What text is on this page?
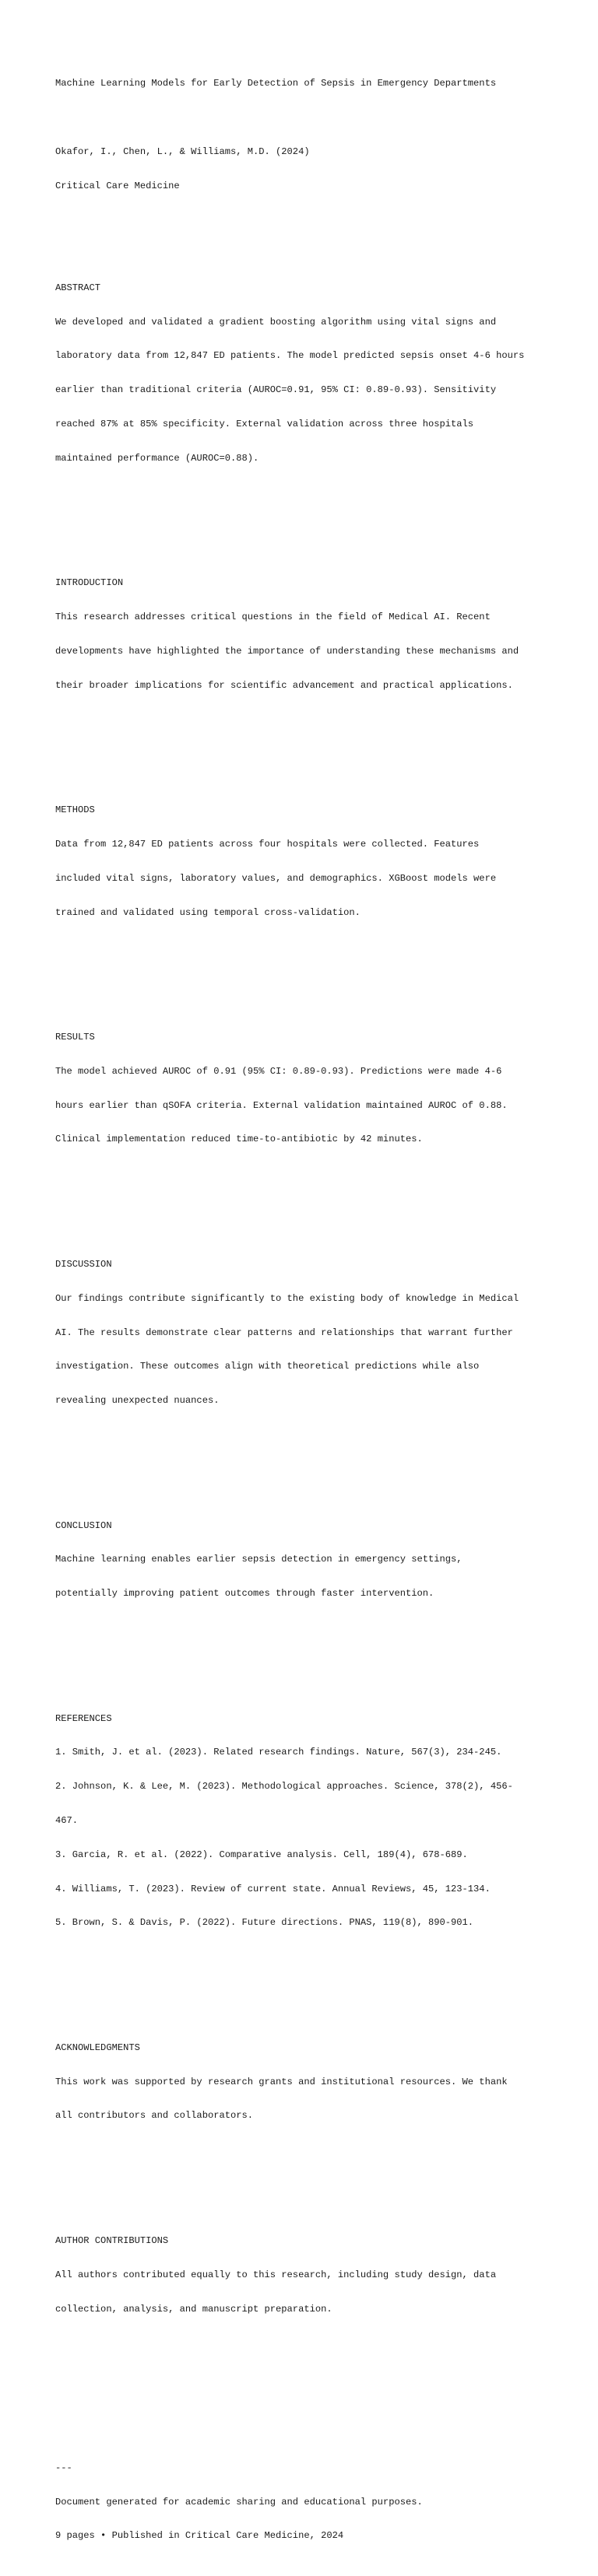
Machine Learning Models for Early Detection of Sepsis in Emergency Departments

Okafor, I., Chen, L., & Williams, M.D. (2024)

Critical Care Medicine

ABSTRACT

We developed and validated a gradient boosting algorithm using vital signs and

laboratory data from 12,847 ED patients. The model predicted sepsis onset 4-6 hours

earlier than traditional criteria (AUROC=0.91, 95% CI: 0.89-0.93). Sensitivity

reached 87% at 85% specificity. External validation across three hospitals

maintained performance (AUROC=0.88).

INTRODUCTION

This research addresses critical questions in the field of Medical AI. Recent

developments have highlighted the importance of understanding these mechanisms and

their broader implications for scientific advancement and practical applications.

METHODS

Data from 12,847 ED patients across four hospitals were collected. Features

included vital signs, laboratory values, and demographics. XGBoost models were

trained and validated using temporal cross-validation.

RESULTS

The model achieved AUROC of 0.91 (95% CI: 0.89-0.93). Predictions were made 4-6

hours earlier than qSOFA criteria. External validation maintained AUROC of 0.88.

Clinical implementation reduced time-to-antibiotic by 42 minutes.

DISCUSSION

Our findings contribute significantly to the existing body of knowledge in Medical

AI. The results demonstrate clear patterns and relationships that warrant further

investigation. These outcomes align with theoretical predictions while also

revealing unexpected nuances.

CONCLUSION

Machine learning enables earlier sepsis detection in emergency settings,

potentially improving patient outcomes through faster intervention.

REFERENCES

1. Smith, J. et al. (2023). Related research findings. Nature, 567(3), 234-245.

2. Johnson, K. & Lee, M. (2023). Methodological approaches. Science, 378(2), 456-

467.

3. Garcia, R. et al. (2022). Comparative analysis. Cell, 189(4), 678-689.

4. Williams, T. (2023). Review of current state. Annual Reviews, 45, 123-134.

5. Brown, S. & Davis, P. (2022). Future directions. PNAS, 119(8), 890-901.

ACKNOWLEDGMENTS

This work was supported by research grants and institutional resources. We thank

all contributors and collaborators.

AUTHOR CONTRIBUTIONS

All authors contributed equally to this research, including study design, data

collection, analysis, and manuscript preparation.

---

Document generated for academic sharing and educational purposes.

9 pages • Published in Critical Care Medicine, 2024
